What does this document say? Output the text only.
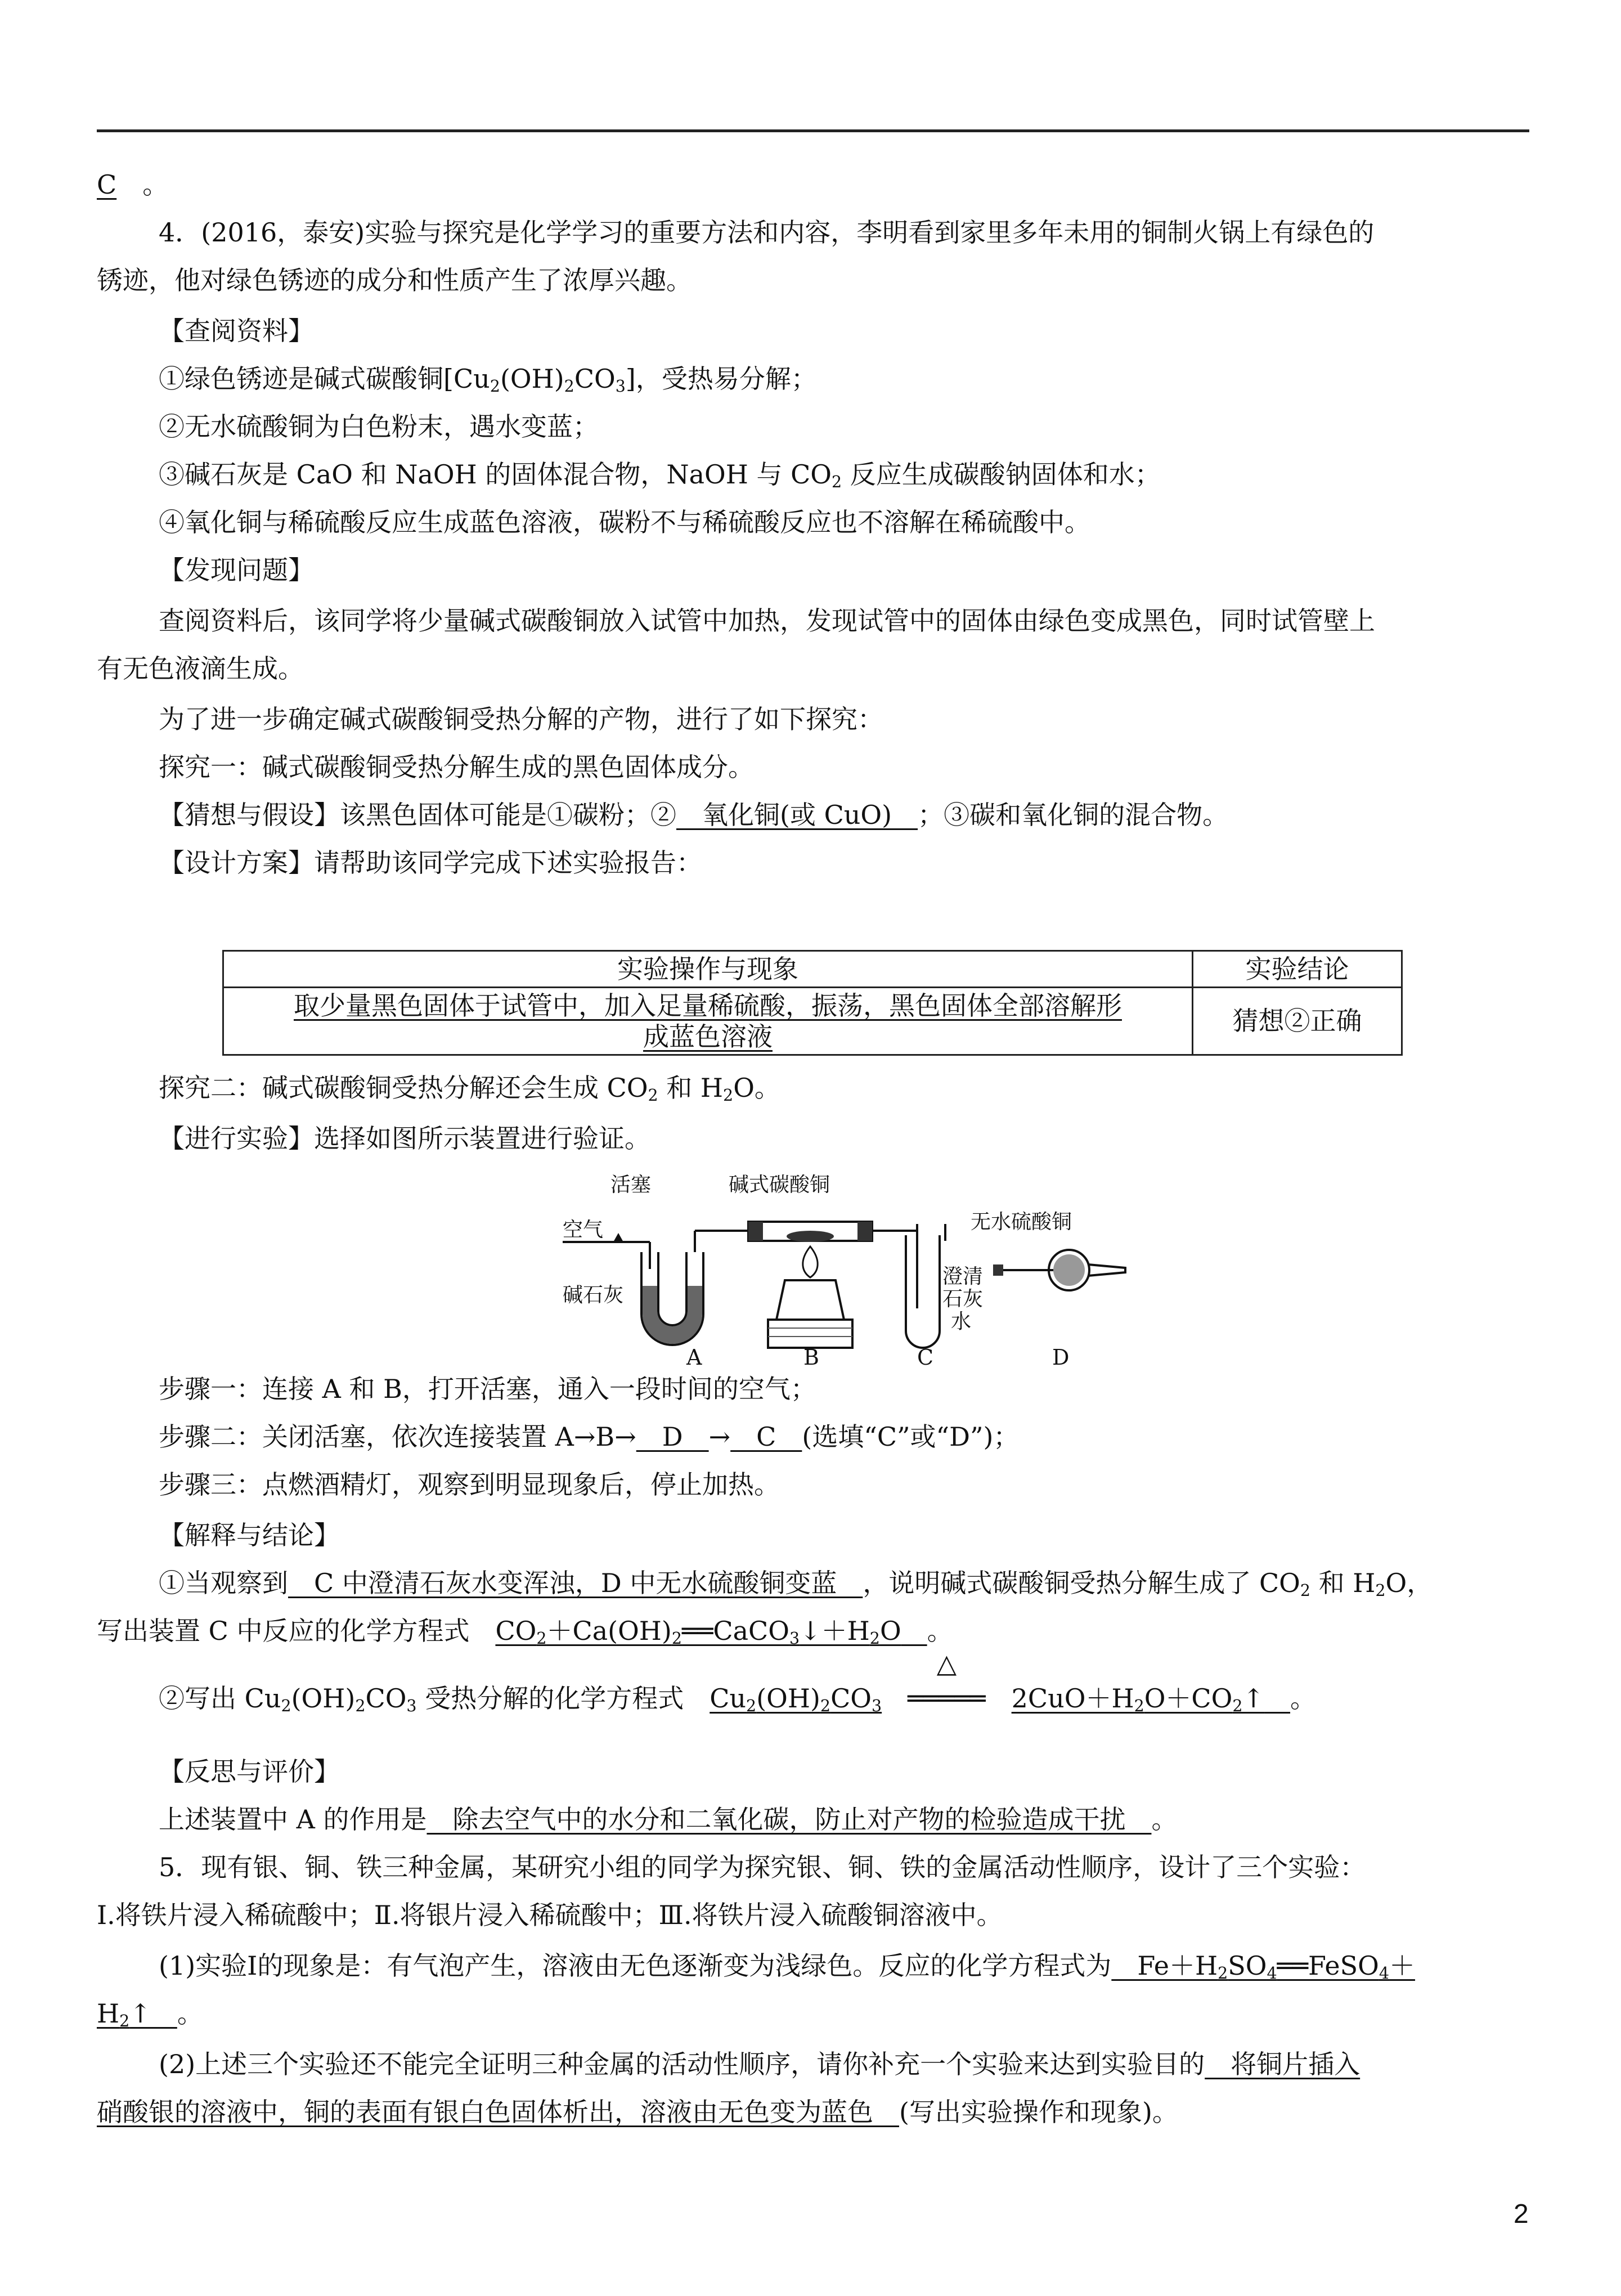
C　 。
4．(2016，泰安)实验与探究是化学学习的重要方法和内容，李明看到家里多年未用的铜制火锅上有绿色的
锈迹，他对绿色锈迹的成分和性质产生了浓厚兴趣。
【查阅资料】
①绿色锈迹是碱式碳酸铜$[Cu_2(OH)_2CO_3]$，受热易分解；
②无水硫酸铜为白色粉末，遇水变蓝；
③碱石灰是 CaO 和 NaOH 的固体混合物，NaOH 与 $CO_2$ 反应生成碳酸钠固体和水；
④氧化铜与稀硫酸反应生成蓝色溶液，碳粉不与稀硫酸反应也不溶解在稀硫酸中。
【发现问题】
查阅资料后，该同学将少量碱式碳酸铜放入试管中加热，发现试管中的固体由绿色变成黑色，同时试管壁上
有无色液滴生成。
为了进一步确定碱式碳酸铜受热分解的产物，进行了如下探究：
探究一：碱式碳酸铜受热分解生成的黑色固体成分。
【猜想与假设】该黑色固体可能是①碳粉；②　氧化铜(或 CuO)　；③碳和氧化铜的混合物。
【设计方案】请帮助该同学完成下述实验报告：
实验操作与现象	实验结论
取少量黑色固体于试管中，加入足量稀硫酸，振荡，黑色固体全部溶解形
成蓝色溶液	猜想②正确
探究二：碱式碳酸铜受热分解还会生成 $CO_2$ 和 $H_2O$。
【进行实验】选择如图所示装置进行验证。
活塞
空气
碱石灰
A
碱式碳酸铜
B
澄清
石灰
水
C
无水硫酸铜
D
步骤一：连接 A 和 B，打开活塞，通入一段时间的空气；
步骤二：关闭活塞，依次连接装置 A→B→　D　→　C　(选填“C”或“D”)；
步骤三：点燃酒精灯，观察到明显现象后，停止加热。
【解释与结论】
①当观察到　C 中澄清石灰水变浑浊，D 中无水硫酸铜变蓝　，说明碱式碳酸铜受热分解生成了 $CO_2$ 和 $H_2O$，
写出装置 C 中反应的化学方程式　 $CO_2+Ca(OH)_2══CaCO_3↓+H_2O$　 。
②写出 $Cu_2(OH)_2CO_3$ 受热分解的化学方程式　 $Cu_2(OH)_2CO_3$　
△
═════　 $2CuO+H_2O+CO_2↑$　 。
【反思与评价】
上述装置中 A 的作用是　除去空气中的水分和二氧化碳，防止对产物的检验造成干扰　。
5．现有银、铜、铁三种金属，某研究小组的同学为探究银、铜、铁的金属活动性顺序，设计了三个实验：
Ⅰ.将铁片浸入稀硫酸中；Ⅱ.将银片浸入稀硫酸中；Ⅲ.将铁片浸入硫酸铜溶液中。
(1)实验Ⅰ的现象是：有气泡产生，溶液由无色逐渐变为浅绿色。反应的化学方程式为　$Fe+H_2SO_4══FeSO_4+$
$H_2↑$　。
(2)上述三个实验还不能完全证明三种金属的活动性顺序，请你补充一个实验来达到实验目的　将铜片插入
硝酸银的溶液中，铜的表面有银白色固体析出，溶液由无色变为蓝色　(写出实验操作和现象)。
2
